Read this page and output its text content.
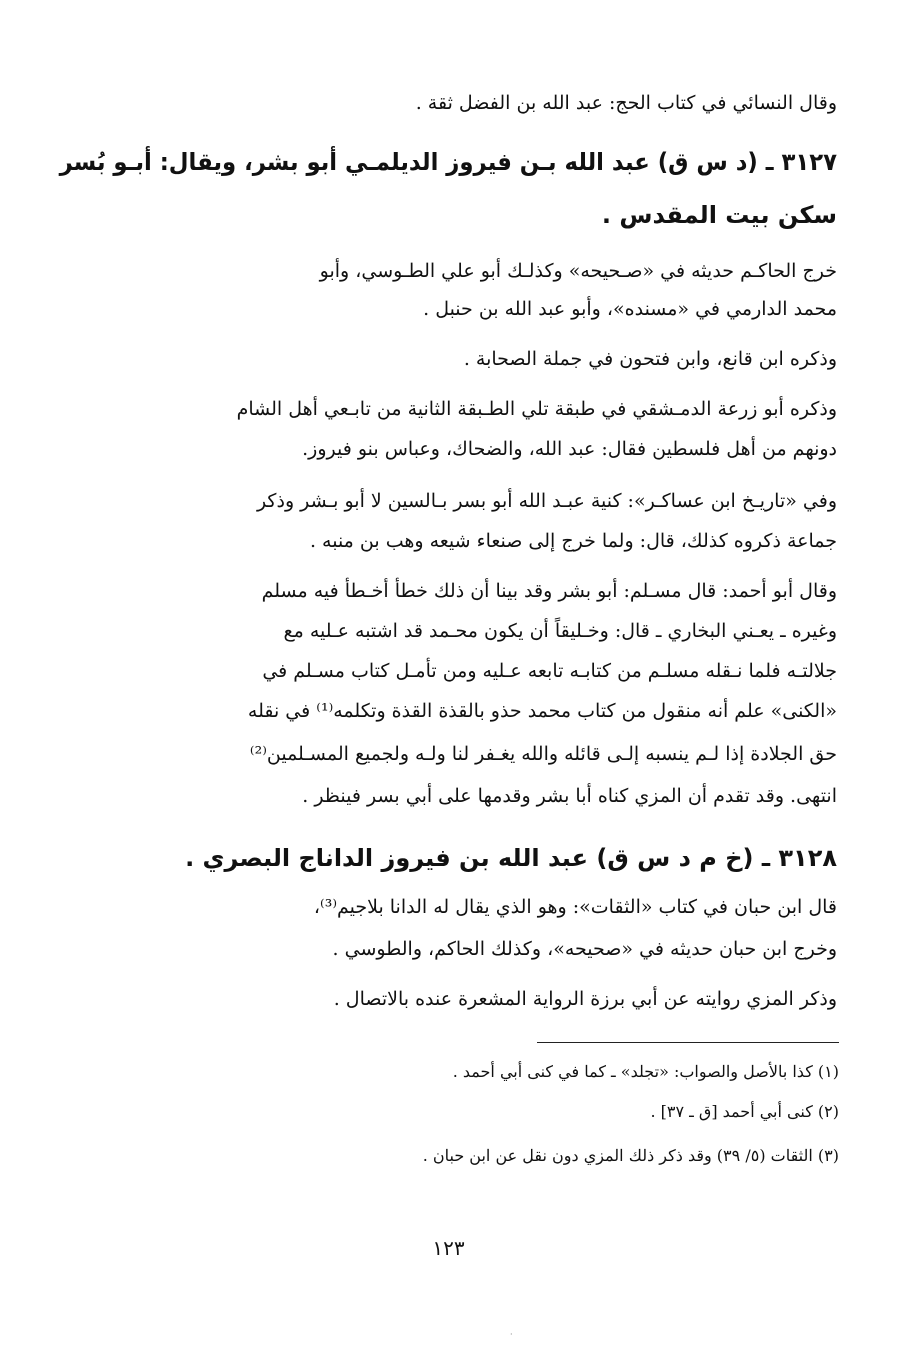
وقال النسائي في كتاب الحج: عبد الله بن الفضل ثقة .
٣١٢٧ ـ (د س ق) عبد الله بـن فيروز الديلمـي أبو بشر، ويقال: أبـو بُسر
سكن بيت المقدس .
خرج الحاكـم حديثه في «صـحيحه» وكذلـك أبو علي الطـوسي، وأبو
محمد الدارمي في «مسنده»، وأبو عبد الله بن حنبل .
وذكره ابن قانع، وابن فتحون في جملة الصحابة .
وذكره أبو زرعة الدمـشقي في طبقة تلي الطـبقة الثانية من تابـعي أهل الشام
دونهم من أهل فلسطين فقال: عبد الله، والضحاك، وعباس بنو فيروز.
وفي «تاريـخ ابن عساكـر»: كنية عبـد الله أبو بسر بـالسين لا أبو بـشر وذكر
جماعة ذكروه كذلك، قال: ولما خرج إلى صنعاء شيعه وهب بن منبه .
وقال أبو أحمد: قال مسـلم: أبو بشر وقد بينا أن ذلك خطأ أخـطأ فيه مسلم
وغيره ـ يعـني البخاري ـ قال: وخـليقاً أن يكون محـمد قد اشتبه عـليه مع
جلالتـه فلما نـقله مسلـم من كتابـه تابعه عـليه ومن تأمـل كتاب مسـلم في
«الكنى» علم أنه منقول من كتاب محمد حذو بالقذة القذة وتكلمه⁽¹⁾ في نقله
حق الجلادة إذا لـم ينسبه إلـى قائله والله يغـفر لنا ولـه ولجميع المسـلمين⁽²⁾
انتهى. وقد تقدم أن المزي كناه أبا بشر وقدمها على أبي بسر فينظر .
٣١٢٨ ـ (خ م د س ق) عبد الله بن فيروز الداناج البصري .
قال ابن حبان في كتاب «الثقات»: وهو الذي يقال له الدانا بلاجيم⁽³⁾،
وخرج ابن حبان حديثه في «صحيحه»، وكذلك الحاكم، والطوسي .
وذكر المزي روايته عن أبي برزة الرواية المشعرة عنده بالاتصال .
(١) كذا بالأصل والصواب: «تجلد» ـ كما في كنى أبي أحمد .
(٢) كنى أبي أحمد [ق ـ ٣٧] .
(٣) الثقات (٥/ ٣٩) وقد ذكر ذلك المزي دون نقل عن ابن حبان .
١٢٣
·
